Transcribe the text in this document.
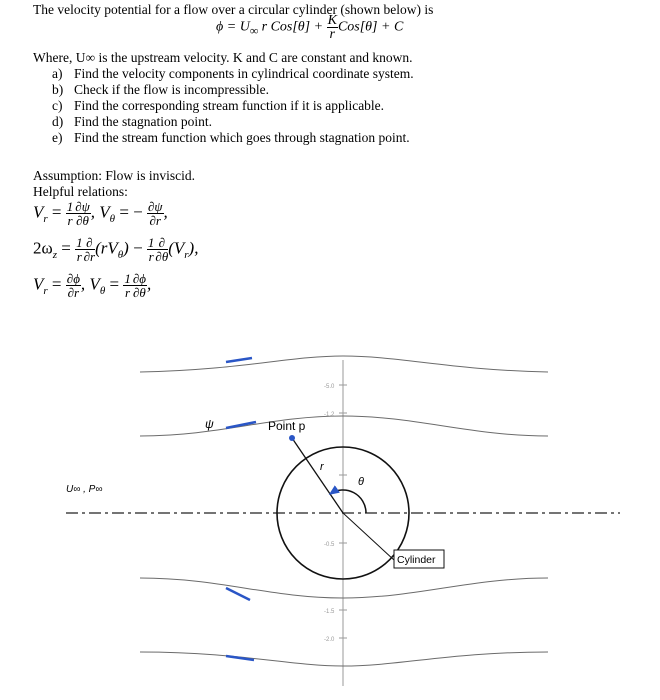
The velocity potential for a flow over a circular cylinder (shown below) is
$\phi = U_\infty$ r $Cos[\theta] + \frac{K}{r} Cos[\theta] + C$
Where, U∞ is the upstream velocity. K and C are constant and known.
a) Find the velocity components in cylindrical coordinate system.
b) Check if the flow is incompressible.
c) Find the corresponding stream function if it is applicable.
d) Find the stagnation point.
e) Find the stream function which goes through stagnation point.
Assumption: Flow is inviscid.
Helpful relations:
$V_r = \frac{1}{r} \frac{\partial\psi}{\partial\theta}$ , $V_\theta$ = − $\frac{\partial\psi}{\partial r}$ ,
$2\omega_z = \frac{1}{r} \frac{\partial}{\partial r} (rV_\theta) - \frac{1}{r} \frac{\partial}{\partial\theta} (V_r)$,
$V_r = \frac{\partial\phi}{\partial r}$ , $V_\theta = \frac{1}{r} \frac{\partial\phi}{\partial\theta}$ ,
-5.0
-1.2
-0.5
-1.5
-2.0
ψ	Point p
r
θ
U∞ , P∞
Cylinder
